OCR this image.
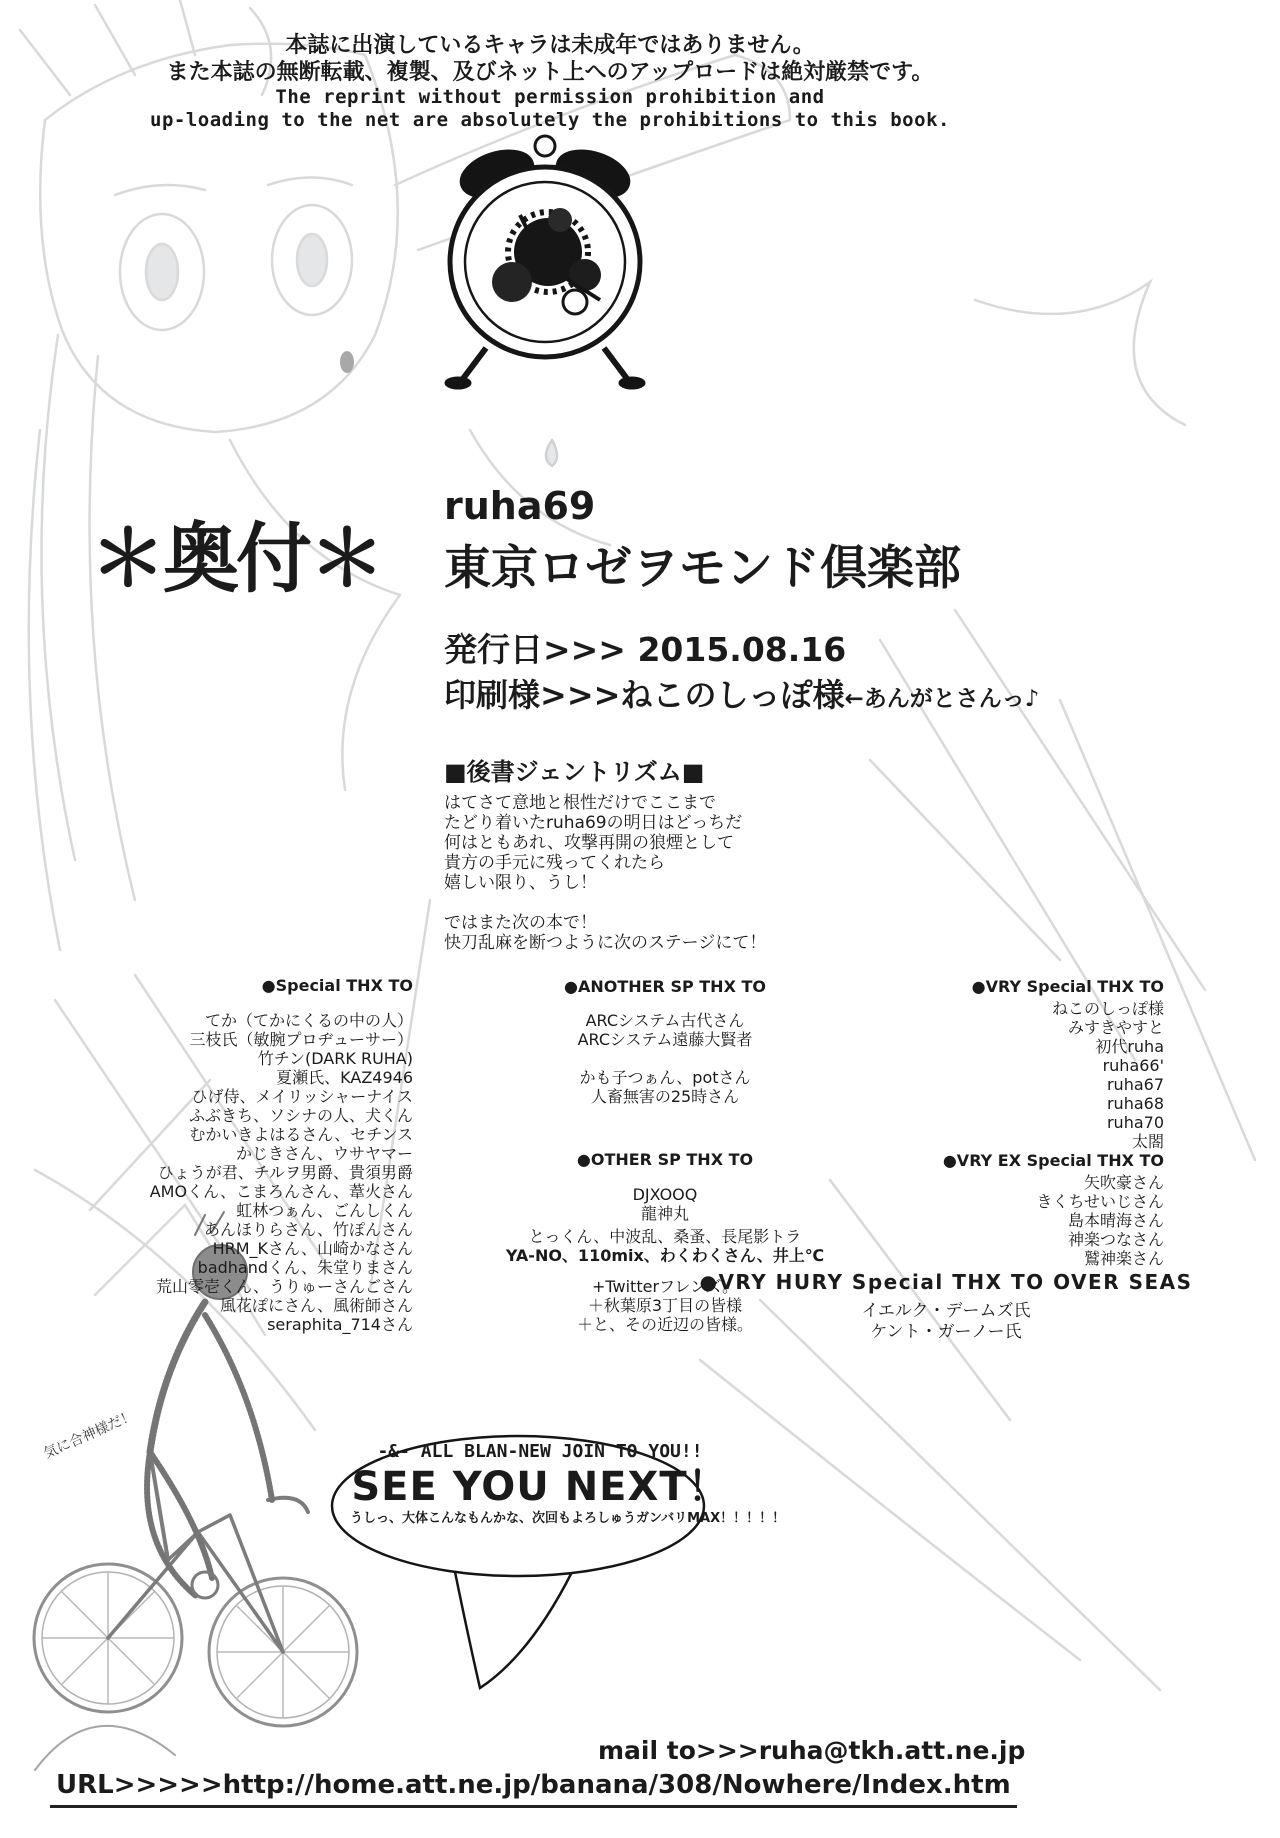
本誌に出演しているキャラは未成年ではありません。
また本誌の無断転載、複製、及びネット上へのアップロードは絶対厳禁です。
The reprint without permission prohibition and
up-loading to the net are absolutely the prohibitions to this book.
＊奥付＊
ruha69
東京ロゼヲモンド倶楽部
発行日>>> 2015.08.16
印刷様>>>ねこのしっぽ様←あんがとさんっ♪
■後書ジェントリズム■
はてさて意地と根性だけでここまで
たどり着いたruha69の明日はどっちだ
何はともあれ、攻撃再開の狼煙として
貴方の手元に残ってくれたら
嬉しい限り、うし！
ではまた次の本で！
快刀乱麻を断つように次のステージにて！
●Special THX TO
てか（てかにくるの中の人）
三枝氏（敏腕プロヂューサー）
竹チン(DARK RUHA)
夏瀬氏、KAZ4946
ひげ侍、メイリッシャーナイス
ふぶきち、ソシナの人、犬くん
むかいきよはるさん、セチンス
かじきさん、ウサヤマー
ひょうが君、チルヲ男爵、貴須男爵
AMOくん、こまろんさん、葦火さん
虹林つぁん、ごんしくん
あんほりらさん、竹ぽんさん
HRM_Kさん、山崎かなさん
badhandくん、朱堂りまさん
荒山零壱くん、うりゅーさんごさん
風花ぽにさん、風術師さん
seraphita_714さん
●ANOTHER SP THX TO
ARCシステム古代さん
ARCシステム遠藤大賢者
かも子つぁん、potさん
人畜無害の25時さん
●OTHER SP THX TO
DJXOOQ
龍神丸
とっくん、中波乱、桑蚤、長尾影トラ
YA-NO、110mix、わくわくさん、井上℃
+Twitterフレンズ。
＋秋葉原3丁目の皆様
＋と、その近辺の皆様。
●VRY Special THX TO
ねこのしっぽ様
みすきやすと
初代ruha
ruha66'
ruha67
ruha68
ruha70
太閤
●VRY EX Special THX TO
矢吹豪さん
きくちせいじさん
島本晴海さん
神楽つなさん
鷲神楽さん
●VRY HURY Special THX TO OVER SEAS
イエルク・デームズ氏
ケント・ガーノー氏
-&- ALL BLAN-NEW JOIN TO YOU!!
SEE YOU NEXT！
うしっ、大体こんなもんかな、次回もよろしゅうガンバリMAX！！！！！
気に合神様だ！
mail to>>>ruha@tkh.att.ne.jp
URL>>>>>http://home.att.ne.jp/banana/308/Nowhere/Index.htm
